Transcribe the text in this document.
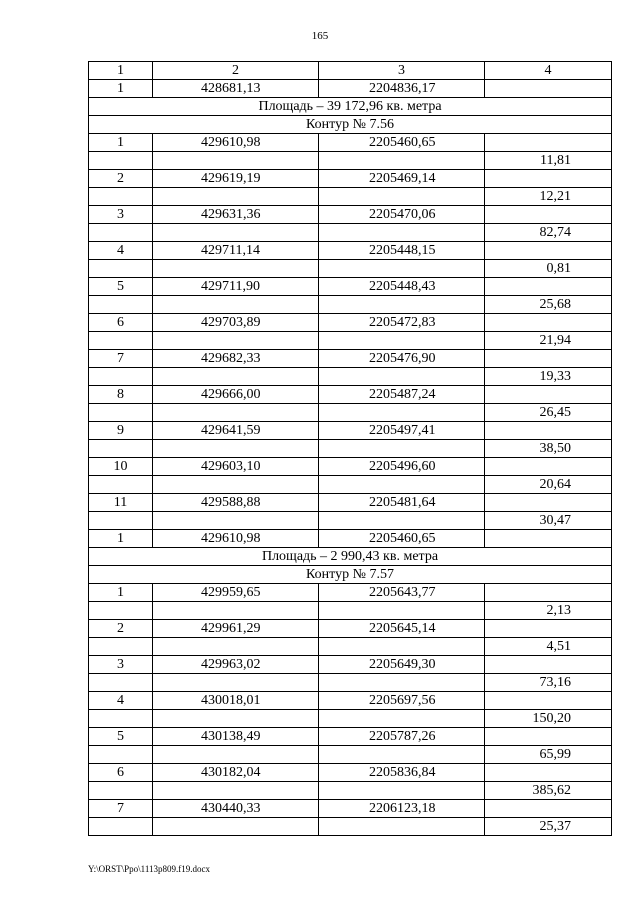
165
1	2	3	4
1	428681,13	2204836,17	
Площадь – 39 172,96 кв. метра			
Контур № 7.56			
1	429610,98	2205460,65	
			11,81
2	429619,19	2205469,14	
			12,21
3	429631,36	2205470,06	
			82,74
4	429711,14	2205448,15	
			0,81
5	429711,90	2205448,43	
			25,68
6	429703,89	2205472,83	
			21,94
7	429682,33	2205476,90	
			19,33
8	429666,00	2205487,24	
			26,45
9	429641,59	2205497,41	
			38,50
10	429603,10	2205496,60	
			20,64
11	429588,88	2205481,64	
			30,47
1	429610,98	2205460,65	
Площадь – 2 990,43 кв. метра			
Контур № 7.57			
1	429959,65	2205643,77	
			2,13
2	429961,29	2205645,14	
			4,51
3	429963,02	2205649,30	
			73,16
4	430018,01	2205697,56	
			150,20
5	430138,49	2205787,26	
			65,99
6	430182,04	2205836,84	
			385,62
7	430440,33	2206123,18	
			25,37
Y:\ORST\Ppo\1113p809.f19.docx
